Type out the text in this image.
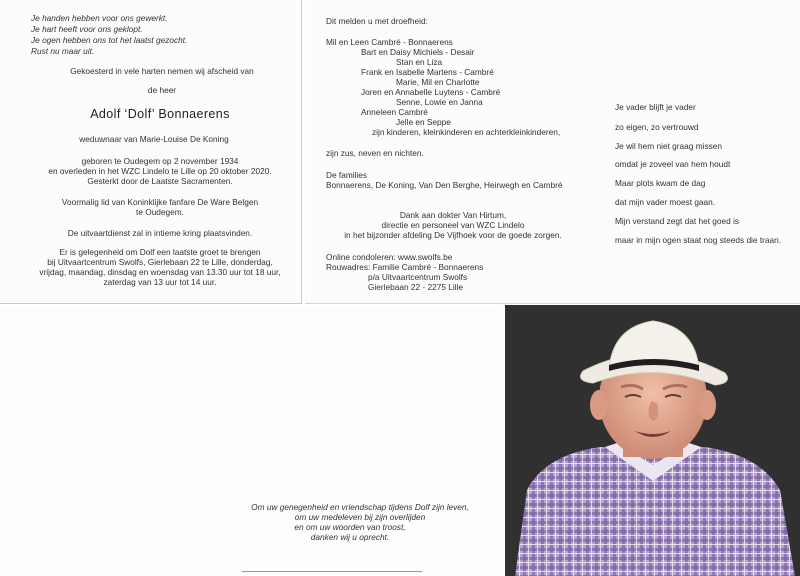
Je handen hebben voor ons gewerkt.
Je hart heeft voor ons geklopt.
Je ogen hebben ons tot het laatst gezocht.
Rust nu maar uit.
Gekoesterd in vele harten nemen wij afscheid van
de heer
Adolf ‘Dolf’ Bonnaerens
weduwnaar van Marie-Louise De Koning
geboren te Oudegem op 2 november 1934
en overleden in het WZC Lindelo te Lille op 20 oktober 2020.
Gesterkt door de Laatste Sacramenten.
Voormalig lid van Koninklijke fanfare De Ware Belgen
te Oudegem.
De uitvaartdienst zal in intieme kring plaatsvinden.
Er is gelegenheid om Dolf een laatste groet te brengen
bij Uitvaartcentrum Swolfs, Gierlebaan 22 te Lille, donderdag,
vrijdag, maandag, dinsdag en woensdag van 13.30 uur tot 18 uur,
zaterdag van 13 uur tot 14 uur.
Dit melden u met droefheid:
Mil en Leen Cambré - Bonnaerens
Bart en Daisy Michiels - Desair
Stan en Liza
Frank en Isabelle Martens - Cambré
Marie, Mil en Charlotte
Joren en Annabelle Luytens - Cambré
Senne, Lowie en Janna
Anneleen Cambré
Jelle en Seppe
zijn kinderen, kleinkinderen en achterkleinkinderen,
zijn zus, neven en nichten.
De families
Bonnaerens, De Koning, Van Den Berghe, Heirwegh en Cambré
Dank aan dokter Van Hirtum,
directie en personeel van WZC Lindelo
in het bijzonder afdeling De Vijfhoek voor de goede zorgen.
Online condoleren: www.swolfs.be
Rouwadres: Familie Cambré - Bonnaerens
p/a Uitvaartcentrum Swolfs
Gierlebaan 22 - 2275 Lille
Je vader blijft je vader
zo eigen, zo vertrouwd
Je wil hem niet graag missen
omdat je zoveel van hem houdt
Maar plots kwam de dag
dat mijn vader moest gaan.
Mijn verstand zegt dat het goed is
maar in mijn ogen staat nog steeds die traan.
Om uw genegenheid en vriendschap tijdens Dolf zijn leven,
om uw medeleven bij zijn overlijden
en om uw woorden van troost,
danken wij u oprecht.
